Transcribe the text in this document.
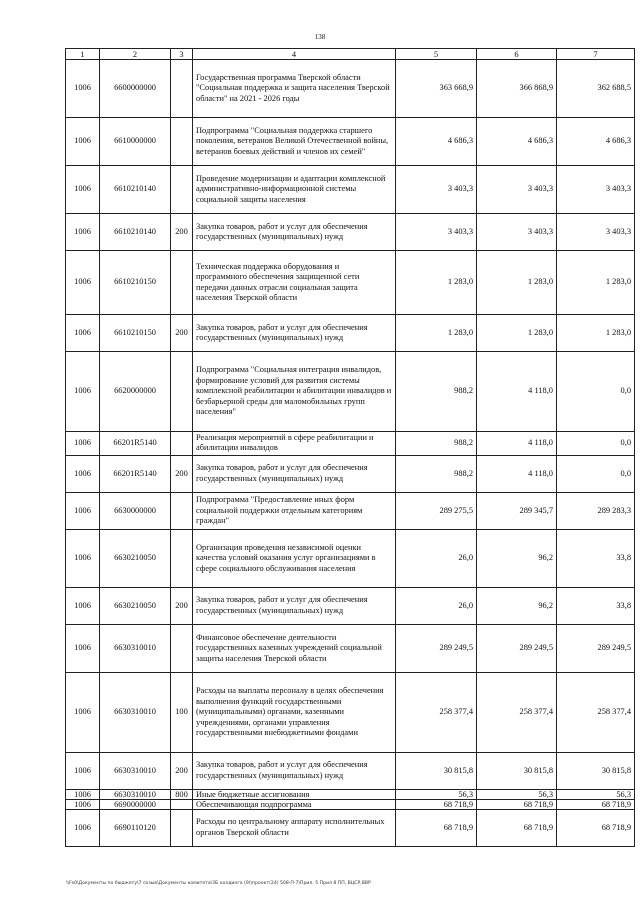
138
1	2	3	4	5	6	7
1006	6600000000		Государственная программа Тверской области "Социальная поддержка и защита населения Тверской области" на 2021 - 2026 годы	363 668,9	366 868,9	362 688,5
1006	6610000000		Подпрограмма "Социальная поддержка старшего поколения, ветеранов Великой Отечественной войны, ветеранов боевых действий и членов их семей"	4 686,3	4 686,3	4 686,3
1006	6610210140		Проведение модернизации и адаптации комплексной административно-информационной системы социальной защиты населения	3 403,3	3 403,3	3 403,3
1006	6610210140	200	Закупка товаров, работ и услуг для обеспечения государственных (муниципальных) нужд	3 403,3	3 403,3	3 403,3
1006	6610210150		Техническая поддержка оборудования и программного обеспечения защищенной сети передачи данных отрасли социальная защита населения Тверской области	1 283,0	1 283,0	1 283,0
1006	6610210150	200	Закупка товаров, работ и услуг для обеспечения государственных (муниципальных) нужд	1 283,0	1 283,0	1 283,0
1006	6620000000		Подпрограмма "Социальная интеграция инвалидов, формирование условий для развития системы комплексной реабилитации и абилитации инвалидов и безбарьерной среды для маломобильных групп населения"	988,2	4 118,0	0,0
1006	66201R5140		Реализация мероприятий в сфере реабилитации и абилитации инвалидов	988,2	4 118,0	0,0
1006	66201R5140	200	Закупка товаров, работ и услуг для обеспечения государственных (муниципальных) нужд	988,2	4 118,0	0,0
1006	6630000000		Подпрограмма "Предоставление иных форм социальной поддержки отдельным категориям граждан"	289 275,5	289 345,7	289 283,3
1006	6630210050		Организация проведения независимой оценки качества условий оказания услуг организациями в сфере социального обслуживания населения	26,0	96,2	33,8
1006	6630210050	200	Закупка товаров, работ и услуг для обеспечения государственных (муниципальных) нужд	26,0	96,2	33,8
1006	6630310010		Финансовое обеспечение деятельности государственных казенных учреждений социальной защиты населения Тверской области	289 249,5	289 249,5	289 249,5
1006	6630310010	100	Расходы на выплаты персоналу в целях обеспечения выполнения функций государственными (муниципальными) органами, казенными учреждениями, органами управления государственными внебюджетными фондами	258 377,4	258 377,4	258 377,4
1006	6630310010	200	Закупка товаров, работ и услуг для обеспечения государственных (муниципальных) нужд	30 815,8	30 815,8	30 815,8
1006	6630310010	800	Иные бюджетные ассигнования	56,3	56,3	56,3
1006	6690000000		Обеспечивающая подпрограмма	68 718,9	68 718,9	68 718,9
1006	6690110120		Расходы по центральному аппарату исполнительных органов Тверской области	68 718,9	68 718,9	68 718,9
\\Fs0\Документы по бюджету\7 созыв\Документы комитета\ЗБ холдинга (9)\проект(24) 508-П-7\Прил. 5 Прил 8 ПП, ВЦСР,ВВР
